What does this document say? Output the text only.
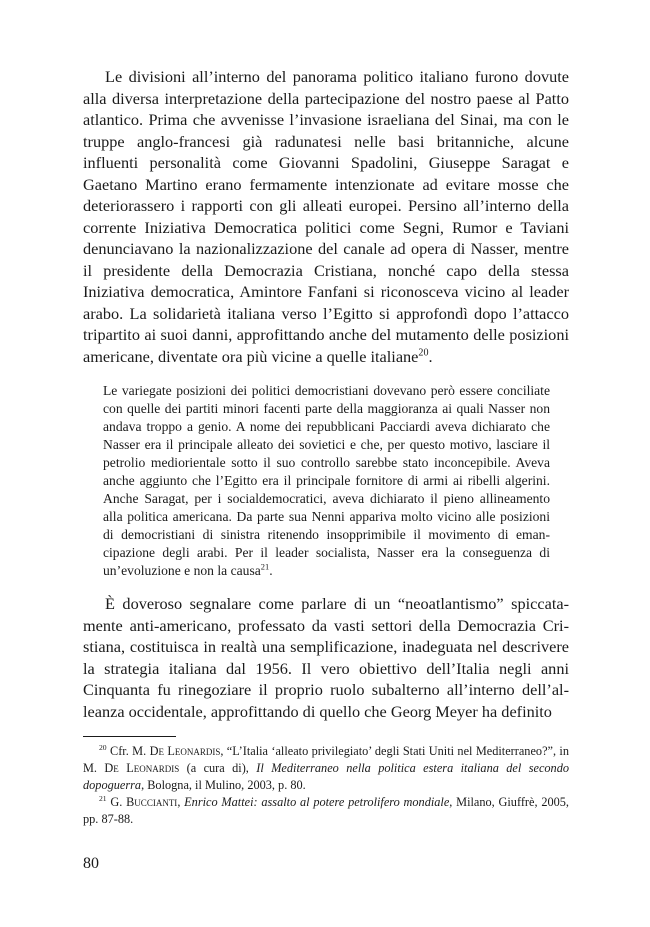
Le divisioni all’interno del panorama politico italiano furono dovute alla diversa interpretazione della partecipazione del nostro paese al Patto atlantico. Prima che avvenisse l’invasione israeliana del Sinai, ma con le truppe anglo-francesi già radunatesi nelle basi britanniche, alcune influenti personalità come Giovanni Spadolini, Giuseppe Saragat e Gaetano Martino erano fermamente intenzionate ad evitare mosse che deteriorassero i rapporti con gli alleati europei. Persino all’interno della corrente Iniziativa Democratica politici come Segni, Rumor e Taviani denunciavano la nazionalizzazione del canale ad opera di Nasser, mentre il presidente della Democrazia Cristiana, nonché capo della stessa Iniziativa democratica, Amintore Fanfani si riconosceva vicino al leader arabo. La solidarietà italiana verso l’Egitto si approfondì dopo l’attacco tripartito ai suoi danni, approfittando anche del mutamento delle posizioni americane, diventate ora più vicine a quelle italiane$^{20}$.

Le variegate posizioni dei politici democristiani dovevano però essere conciliate con quelle dei partiti minori facenti parte della maggioranza ai quali Nasser non andava troppo a genio. A nome dei repubblicani Pacciardi aveva dichiarato che Nasser era il principale alleato dei sovietici e che, per questo motivo, lasciare il petrolio mediorientale sotto il suo controllo sarebbe stato inconcepibile. Aveva anche aggiunto che l’Egitto era il principale fornitore di armi ai ribelli algerini. Anche Saragat, per i socialdemocratici, aveva dichiarato il pieno allineamento alla politica americana. Da parte sua Nenni appariva molto vicino alle posizioni di democristiani di sinistra ritenendo insopprimibile il movimento di emancipazione degli arabi. Per il leader socialista, Nasser era la conseguenza di un’evoluzione e non la causa$^{21}$.

È doveroso segnalare come parlare di un “neoatlantismo” spiccatamente anti-americano, professato da vasti settori della Democrazia Cristiana, costituisca in realtà una semplificazione, inadeguata nel descrivere la strategia italiana dal 1956. Il vero obiettivo dell’Italia negli anni Cinquanta fu rinegoziare il proprio ruolo subalterno all’interno dell’alleanza occidentale, approfittando di quello che Georg Meyer ha definito

$^{20}$ Cfr. M. De Leonardis, “L’Italia ‘alleato privilegiato’ degli Stati Uniti nel Mediterraneo?”, in M. De Leonardis (a cura di), Il Mediterraneo nella politica estera italiana del secondo dopoguerra, Bologna, il Mulino, 2003, p. 80.

$^{21}$ G. Buccianti, Enrico Mattei: assalto al potere petrolifero mondiale, Milano, Giuffrè, 2005, pp. 87-88.

80
